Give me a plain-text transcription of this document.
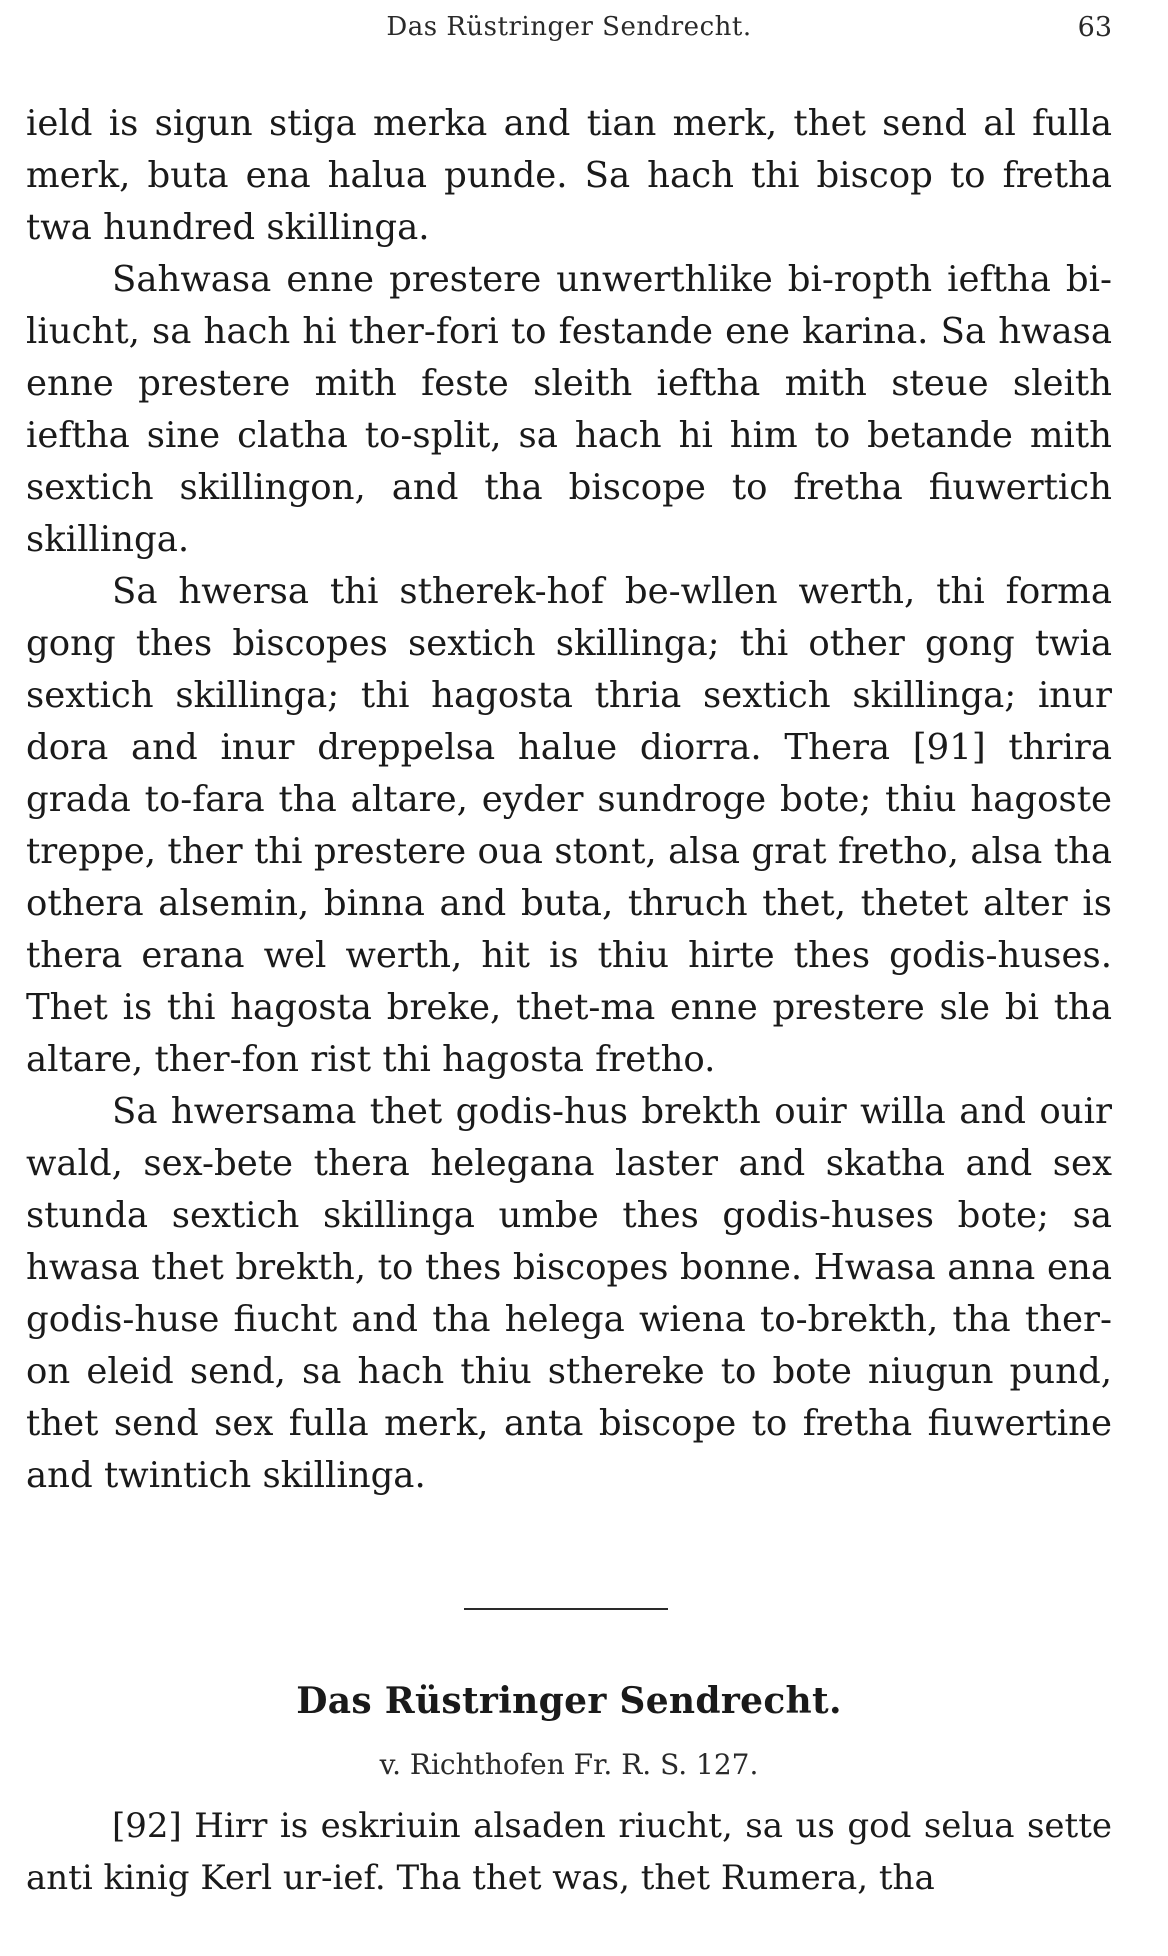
Das Rüstringer Sendrecht.	63

ield is sigun stiga merka and tian merk, thet send al fulla merk, buta ena halua punde. Sa hach thi biscop to fretha twa hundred skillinga.

Sahwasa enne prestere unwerthlike bi-ropth ieftha bi-liucht, sa hach hi ther-fori to festande ene karina. Sa hwasa enne prestere mith feste sleith ieftha mith steue sleith ieftha sine clatha to-split, sa hach hi him to betande mith sextich skillingon, and tha biscope to fretha fiuwertich skillinga.

Sa hwersa thi stherek-hof be-wllen werth, thi forma gong thes biscopes sextich skillinga; thi other gong twia sextich skillinga; thi hagosta thria sextich skillinga; inur dora and inur dreppelsa halue diorra. Thera [91] thrira grada to-fara tha altare, eyder sundroge bote; thiu hagoste treppe, ther thi prestere oua stont, alsa grat fretho, alsa tha othera alsemin, binna and buta, thruch thet, thetet alter is thera erana wel werth, hit is thiu hirte thes godis-huses. Thet is thi hagosta breke, thet-ma enne prestere sle bi tha altare, ther-fon rist thi hagosta fretho.

Sa hwersama thet godis-hus brekth ouir willa and ouir wald, sex-bete thera helegana laster and skatha and sex stunda sextich skillinga umbe thes godis-huses bote; sa hwasa thet brekth, to thes biscopes bonne. Hwasa anna ena godis-huse fiucht and tha helega wiena to-brekth, tha ther-on eleid send, sa hach thiu sthereke to bote niugun pund, thet send sex fulla merk, anta biscope to fretha fiuwertine and twintich skillinga.

Das Rüstringer Sendrecht.
v. Richthofen Fr. R. S. 127.

[92] Hirr is eskriuin alsaden riucht, sa us god selua sette anti kinig Kerl ur-ief. Tha thet was, thet Rumera, tha
